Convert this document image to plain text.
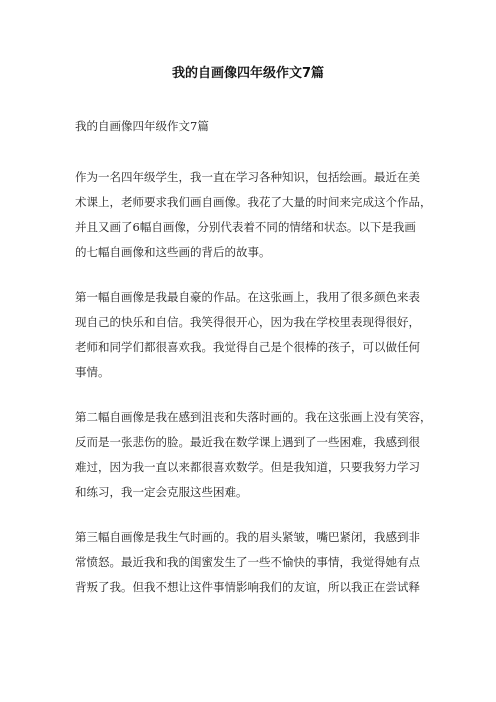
我的自画像四年级作文7篇
我的自画像四年级作文7篇

作为一名四年级学生，我一直在学习各种知识，包括绘画。最近在美
术课上，老师要求我们画自画像。我花了大量的时间来完成这个作品，
并且又画了6幅自画像，分别代表着不同的情绪和状态。以下是我画
的七幅自画像和这些画的背后的故事。

第一幅自画像是我最自豪的作品。在这张画上，我用了很多颜色来表
现自己的快乐和自信。我笑得很开心，因为我在学校里表现得很好，
老师和同学们都很喜欢我。我觉得自己是个很棒的孩子，可以做任何
事情。

第二幅自画像是我在感到沮丧和失落时画的。我在这张画上没有笑容，
反而是一张悲伤的脸。最近我在数学课上遇到了一些困难，我感到很
难过，因为我一直以来都很喜欢数学。但是我知道，只要我努力学习
和练习，我一定会克服这些困难。

第三幅自画像是我生气时画的。我的眉头紧皱，嘴巴紧闭，我感到非
常愤怒。最近我和我的闺蜜发生了一些不愉快的事情，我觉得她有点
背叛了我。但我不想让这件事情影响我们的友谊，所以我正在尝试释
